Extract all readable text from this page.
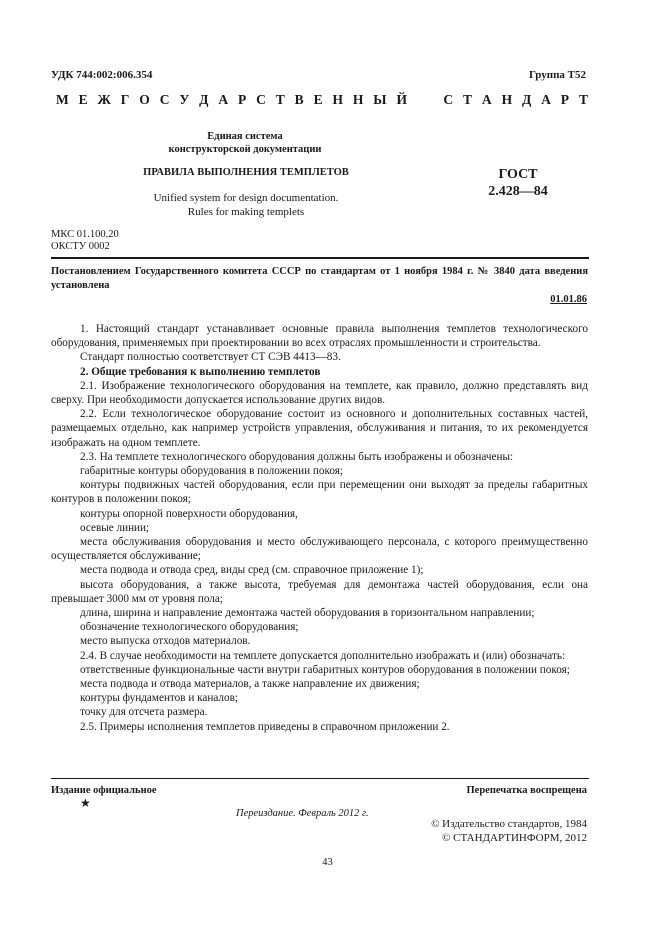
УДК 744:002:006.354	Группа Т52
М Е Ж Г О С У Д А Р С Т В Е Н Н Ы Й

	С Т А Н Д А Р Т
Единая система
конструкторской документации
ПРАВИЛА ВЫПОЛНЕНИЯ ТЕМПЛЕТОВ	ГОСТ
2.428—84
Unified system for design documentation.
Rules for making templets
МКС 01.100.20
ОКСТУ 0002
Постановлением Государственного комитета СССР по стандартам от 1 ноября 1984 г. № 3840 дата введения установлена
01.01.86

1. Настоящий стандарт устанавливает основные правила выполнения темплетов технологического оборудования, применяемых при проектировании во всех отраслях промышленности и строительства.

Стандарт полностью соответствует СТ СЭВ 4413—83.

2. Общие требования к выполнению темплетов

2.1. Изображение технологического оборудования на темплете, как правило, должно представлять вид сверху. При необходимости допускается использование других видов.

2.2. Если технологическое оборудование состоит из основного и дополнительных составных частей, размещаемых отдельно, как например устройств управления, обслуживания и питания, то их рекомендуется изображать на одном темплете.

2.3. На темплете технологического оборудования должны быть изображены и обозначены:

габаритные контуры оборудования в положении покоя;

контуры подвижных частей оборудования, если при перемещении они выходят за пределы габаритных контуров в положении покоя;

контуры опорной поверхности оборудования,

осевые линии;

места обслуживания оборудования и место обслуживающего персонала, с которого преимущественно осуществляется обслуживание;

места подвода и отвода сред, виды сред (см. справочное приложение 1);

высота оборудования, а также высота, требуемая для демонтажа частей оборудования, если она превышает 3000 мм от уровня пола;

длина, ширина и направление демонтажа частей оборудования в горизонтальном направлении;

обозначение технологического оборудования;

место выпуска отходов материалов.

2.4. В случае необходимости на темплете допускается дополнительно изображать и (или) обозначать:

ответственные функциональные части внутри габаритных контуров оборудования в положении покоя;

места подвода и отвода материалов, а также направление их движения;

контуры фундаментов и каналов;

точку для отсчета размера.

2.5. Примеры исполнения темплетов приведены в справочном приложении 2.

Издание официальное	Перепечатка воспрещена
★
Переиздание. Февраль 2012 г.
© Издательство стандартов, 1984
© СТАНДАРТИНФОРМ, 2012
43
